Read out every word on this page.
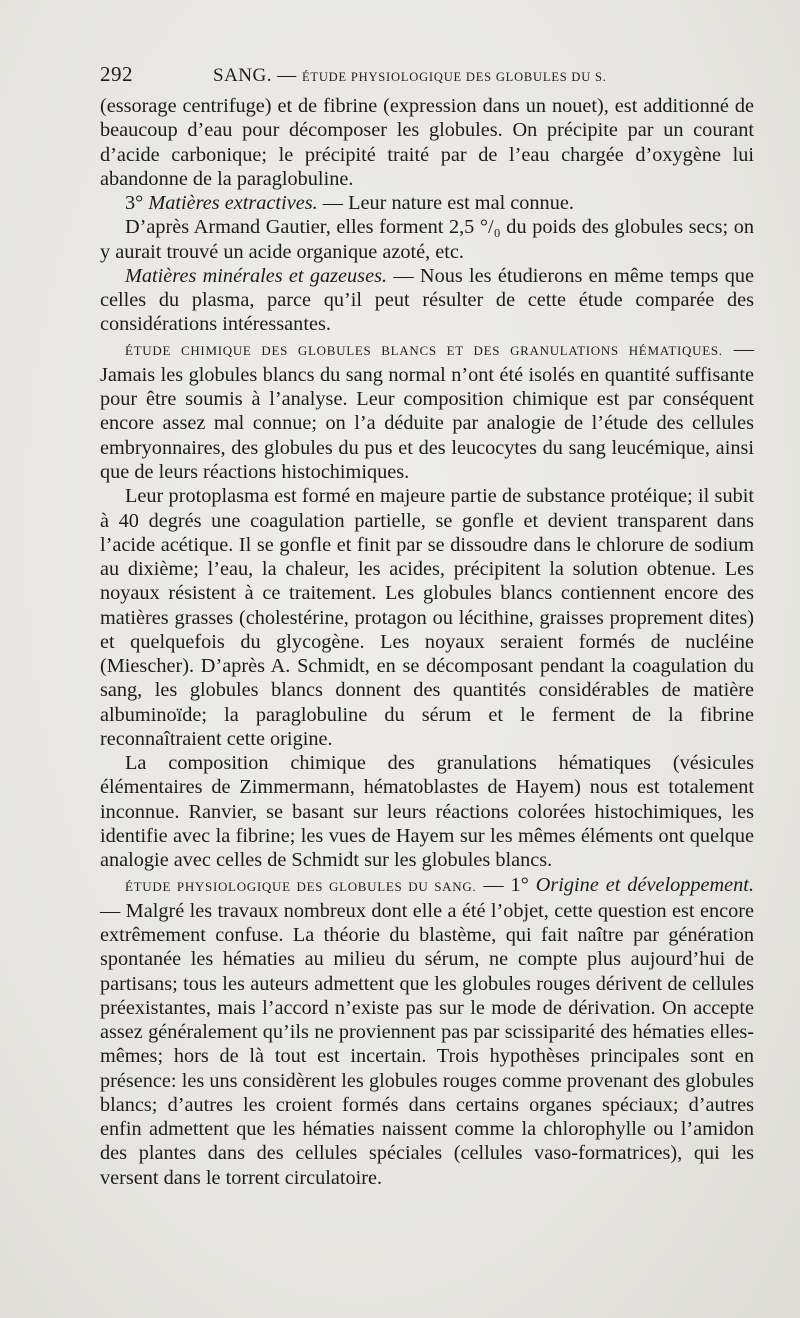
292	SANG. — ÉTUDE PHYSIOLOGIQUE DES GLOBULES DU S.

(essorage centrifuge) et de fibrine (expression dans un nouet), est additionné de beaucoup d’eau pour décomposer les globules. On précipite par un courant d’acide carbonique; le précipité traité par de l’eau chargée d’oxygène lui abandonne de la paraglobuline.

3° Matières extractives. — Leur nature est mal connue.

D’après Armand Gautier, elles forment 2,5 °/₀ du poids des globules secs; on y aurait trouvé un acide organique azoté, etc.

Matières minérales et gazeuses. — Nous les étudierons en même temps que celles du plasma, parce qu’il peut résulter de cette étude comparée des considérations intéressantes.

ÉTUDE CHIMIQUE DES GLOBULES BLANCS ET DES GRANULATIONS HÉMATIQUES. — Jamais les globules blancs du sang normal n’ont été isolés en quantité suffisante pour être soumis à l’analyse. Leur composition chimique est par conséquent encore assez mal connue; on l’a déduite par analogie de l’étude des cellules embryonnaires, des globules du pus et des leucocytes du sang leucémique, ainsi que de leurs réactions histochimiques.

Leur protoplasma est formé en majeure partie de substance protéique; il subit à 40 degrés une coagulation partielle, se gonfle et devient transparent dans l’acide acétique. Il se gonfle et finit par se dissoudre dans le chlorure de sodium au dixième; l’eau, la chaleur, les acides, précipitent la solution obtenue. Les noyaux résistent à ce traitement. Les globules blancs contiennent encore des matières grasses (cholestérine, protagon ou lécithine, graisses proprement dites) et quelquefois du glycogène. Les noyaux seraient formés de nucléine (Miescher). D’après A. Schmidt, en se décomposant pendant la coagulation du sang, les globules blancs donnent des quantités considérables de matière albuminoïde; la paraglobuline du sérum et le ferment de la fibrine reconnaîtraient cette origine.

La composition chimique des granulations hématiques (vésicules élémentaires de Zimmermann, hématoblastes de Hayem) nous est totalement inconnue. Ranvier, se basant sur leurs réactions colorées histochimiques, les identifie avec la fibrine; les vues de Hayem sur les mêmes éléments ont quelque analogie avec celles de Schmidt sur les globules blancs.

ÉTUDE PHYSIOLOGIQUE DES GLOBULES DU SANG. — 1° Origine et développement. — Malgré les travaux nombreux dont elle a été l’objet, cette question est encore extrêmement confuse. La théorie du blastème, qui fait naître par génération spontanée les hématies au milieu du sérum, ne compte plus aujourd’hui de partisans; tous les auteurs admettent que les globules rouges dérivent de cellules préexistantes, mais l’accord n’existe pas sur le mode de dérivation. On accepte assez généralement qu’ils ne proviennent pas par scissiparité des hématies elles-mêmes; hors de là tout est incertain. Trois hypothèses principales sont en présence: les uns considèrent les globules rouges comme provenant des globules blancs; d’autres les croient formés dans certains organes spéciaux; d’autres enfin admettent que les hématies naissent comme la chlorophylle ou l’amidon des plantes dans des cellules spéciales (cellules vaso-formatrices), qui les versent dans le torrent circulatoire.
